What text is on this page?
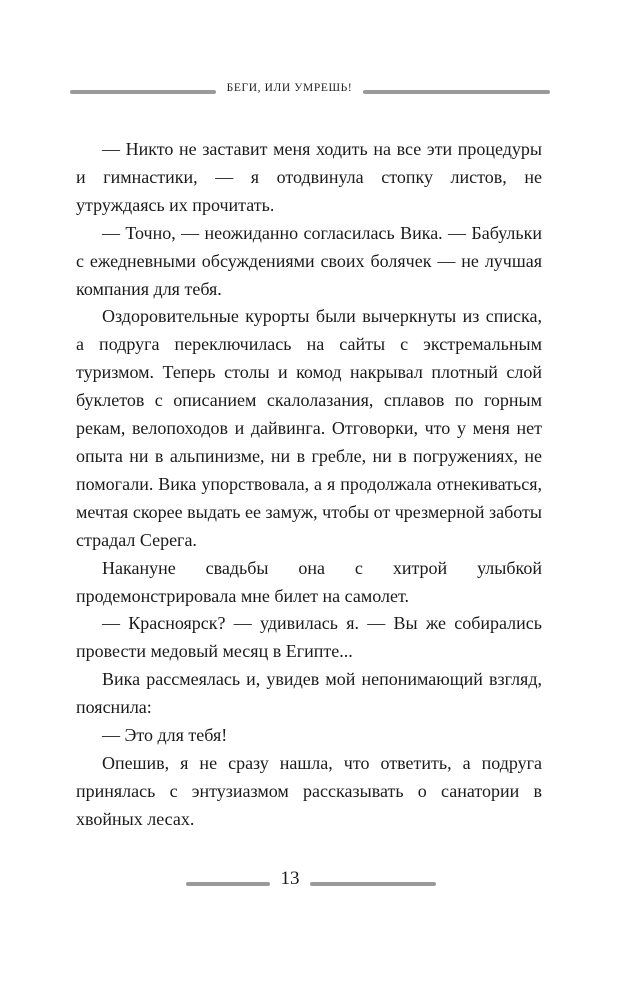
БЕГИ, ИЛИ УМРЕШЬ!

— Никто не заставит меня ходить на все эти процедуры и гимнастики, — я отодвинула стопку листов, не утруждаясь их прочитать.

— Точно, — неожиданно согласилась Вика. — Бабульки с ежедневными обсуждениями своих болячек — не лучшая компания для тебя.

Оздоровительные курорты были вычеркнуты из списка, а подруга переключилась на сайты с экстремальным туризмом. Теперь столы и комод накрывал плотный слой буклетов с описанием скалолазания, сплавов по горным рекам, велопоходов и дайвинга. Отговорки, что у меня нет опыта ни в альпинизме, ни в гребле, ни в погружениях, не помогали. Вика упорствовала, а я продолжала отнекиваться, мечтая скорее выдать ее замуж, чтобы от чрезмерной заботы страдал Серега.

Накануне свадьбы она с хитрой улыбкой продемонстрировала мне билет на самолет.

— Красноярск? — удивилась я. — Вы же собирались провести медовый месяц в Египте...

Вика рассмеялась и, увидев мой непонимающий взгляд, пояснила:

— Это для тебя!

Опешив, я не сразу нашла, что ответить, а подруга принялась с энтузиазмом рассказывать о санатории в хвойных лесах.

13
